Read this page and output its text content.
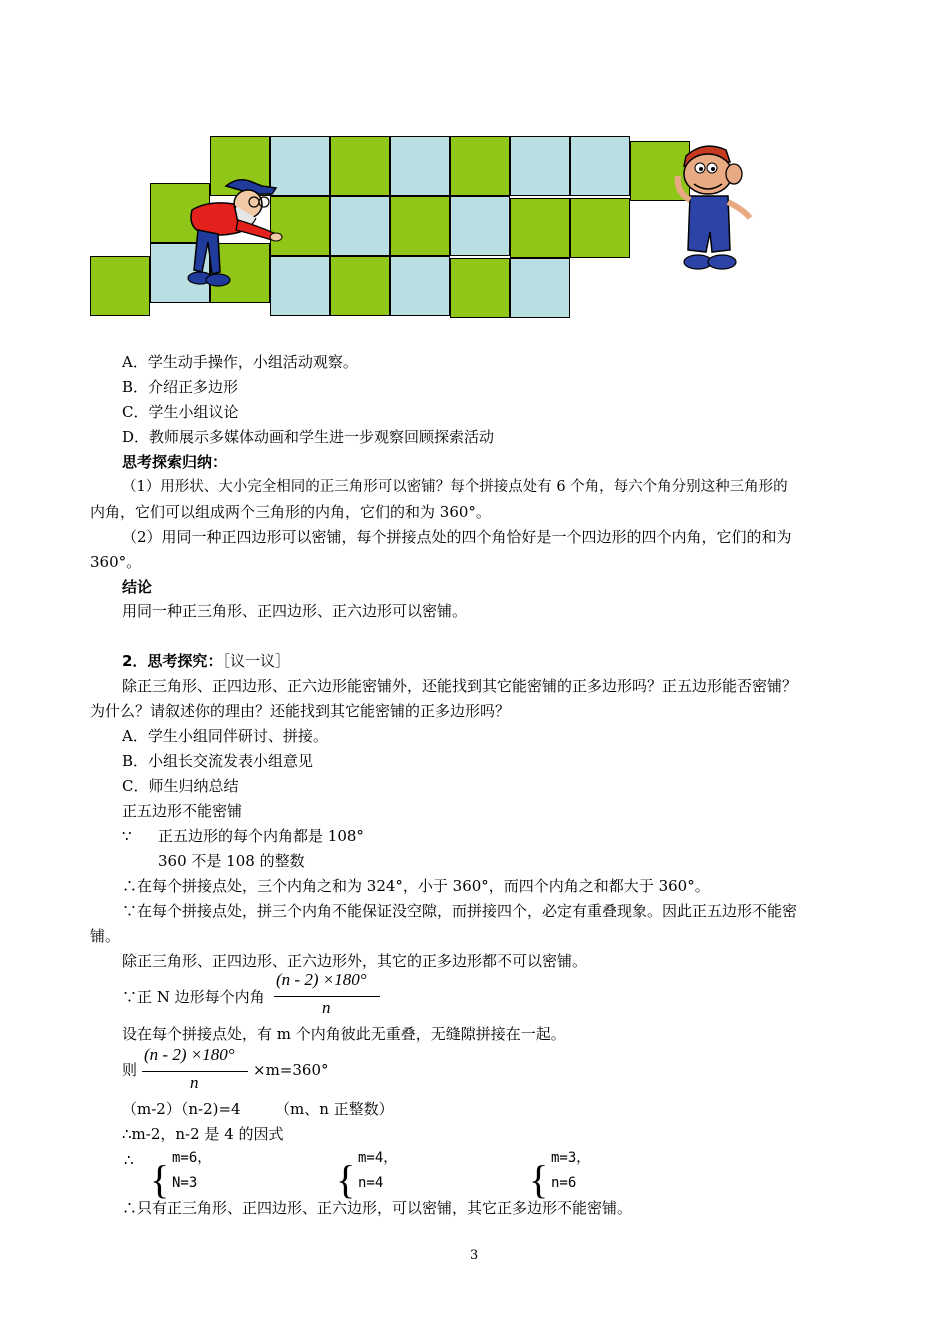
A．学生动手操作，小组活动观察。
B．介绍正多边形
C．学生小组议论
D．教师展示多媒体动画和学生进一步观察回顾探索活动
思考探索归纳：
（1）用形状、大小完全相同的正三角形可以密铺？每个拼接点处有 6 个角，每六个角分别这种三角形的
内角，它们可以组成两个三角形的内角，它们的和为 360°。
（2）用同一种正四边形可以密铺，每个拼接点处的四个角恰好是一个四边形的四个内角，它们的和为
360°。
结论
用同一种正三角形、正四边形、正六边形可以密铺。
2．思考探究：［议一议］
除正三角形、正四边形、正六边形能密铺外，还能找到其它能密铺的正多边形吗？正五边形能否密铺？
为什么？请叙述你的理由？还能找到其它能密铺的正多边形吗？
A．学生小组同伴研讨、拼接。
B．小组长交流发表小组意见
C．师生归纳总结
正五边形不能密铺
∵ 正五边形的每个内角都是 108°
360 不是 108 的整数
∴在每个拼接点处，三个内角之和为 324°，小于 360°，而四个内角之和都大于 360°。
∵在每个拼接点处，拼三个内角不能保证没空隙，而拼接四个，必定有重叠现象。因此正五边形不能密
铺。
除正三角形、正四边形、正六边形外，其它的正多边形都不可以密铺。
∵正 N 边形每个内角
(n - 2) ×180°
n
设在每个拼接点处，有 m 个内角彼此无重叠，无缝隙拼接在一起。
则
(n - 2) ×180°
n
×m=360°
（m-2）（n-2)=4 （m、n 正整数）
∴m-2，n-2 是 4 的因式
∴	m=6，
{ N=3
m=4，
{ n=4
m=3，
{ n=6
∴只有正三角形、正四边形、正六边形，可以密铺，其它正多边形不能密铺。
3
